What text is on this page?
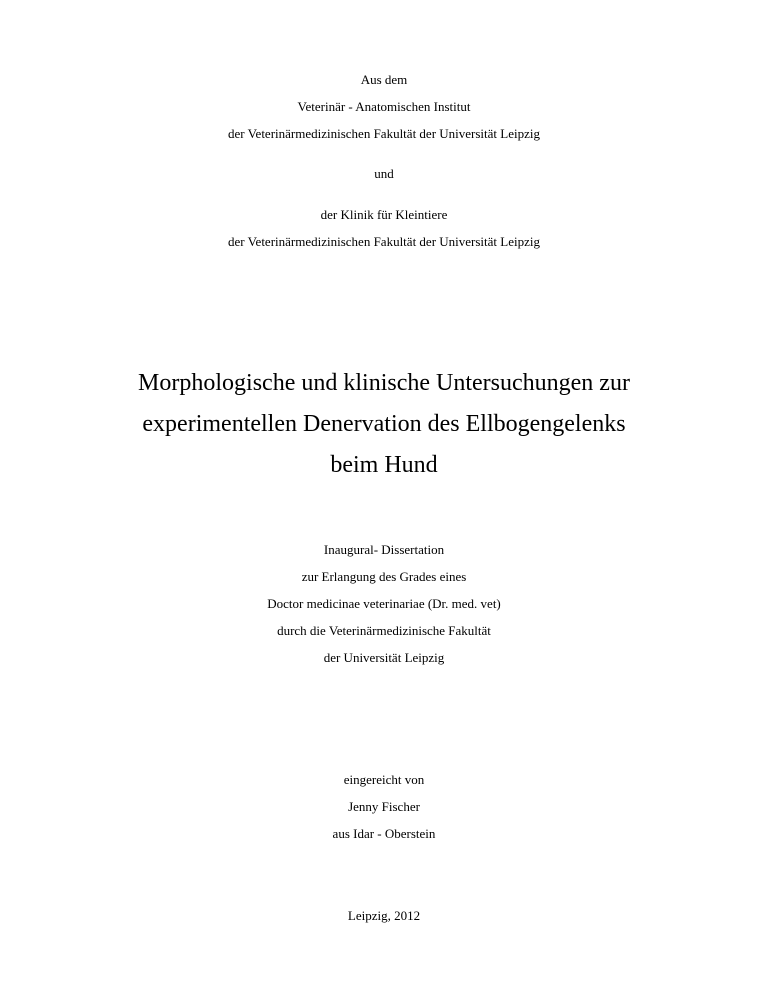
Aus dem
Veterinär - Anatomischen Institut
der Veterinärmedizinischen Fakultät der Universität Leipzig
und
der Klinik für Kleintiere
der Veterinärmedizinischen Fakultät der Universität Leipzig
Morphologische und klinische Untersuchungen zur
experimentellen Denervation des Ellbogengelenks
beim Hund
Inaugural- Dissertation
zur Erlangung des Grades eines
Doctor medicinae veterinariae (Dr. med. vet)
durch die Veterinärmedizinische Fakultät
der Universität Leipzig
eingereicht von
Jenny Fischer
aus Idar - Oberstein
Leipzig, 2012
